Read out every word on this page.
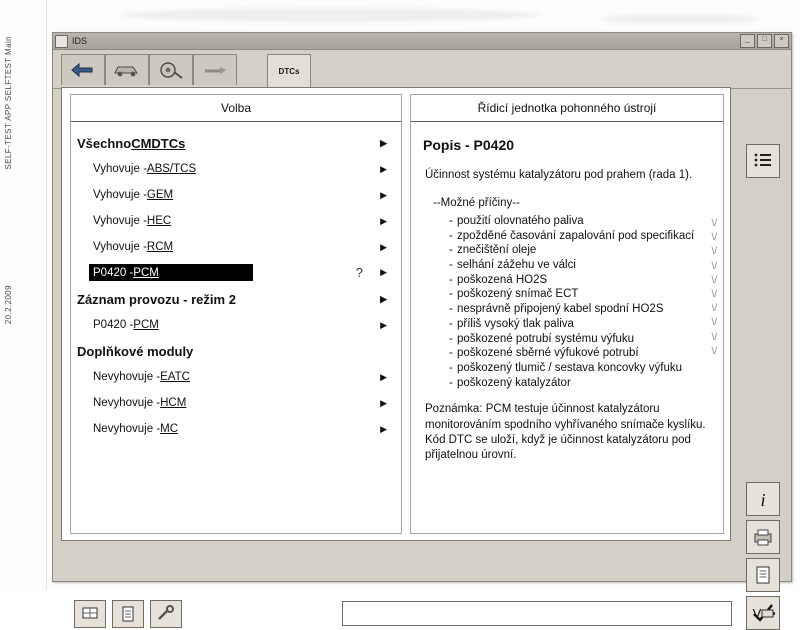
SELF-TEST APP SELFTEST Main
20.2.2009
IDS	_	□	×
DTCs
Volba
Všechno CMDTCs	▶
Vyhovuje - ABS/TCS	▶
Vyhovuje - GEM	▶
Vyhovuje - HEC	▶
Vyhovuje - RCM	▶
P0420 - PCM	? ▶
Záznam provozu - režim 2	▶
P0420 - PCM	▶
Doplňkové moduly
Nevyhovuje - EATC	▶
Nevyhovuje - HCM	▶
Nevyhovuje - MC	▶
Řídicí jednotka pohonného ústrojí
Popis - P0420
Účinnost systému katalyzátoru pod prahem (rada 1).
--Možné příčiny--
- použití olovnatého paliva
- zpožděné časování zapalování pod specifikací
- znečištění oleje
- selhání zážehu ve válci
- poškozená HO2S
- poškozený snímač ECT
- nesprávně připojený kabel spodní HO2S
- příliš vysoký tlak paliva
- poškozené potrubí systému výfuku
- poškozené sběrné výfukové potrubí
- poškozený tlumič / sestava koncovky výfuku
- poškozený katalyzátor
Poznámka: PCM testuje účinnost katalyzátoru monitorováním spodního vyhřívaného snímače kyslíku. Kód DTC se uloží, když je účinnost katalyzátoru pod přijatelnou úrovní.
\/
\/
\/
\/
\/
\/
\/
\/
\/
\/
i
V
